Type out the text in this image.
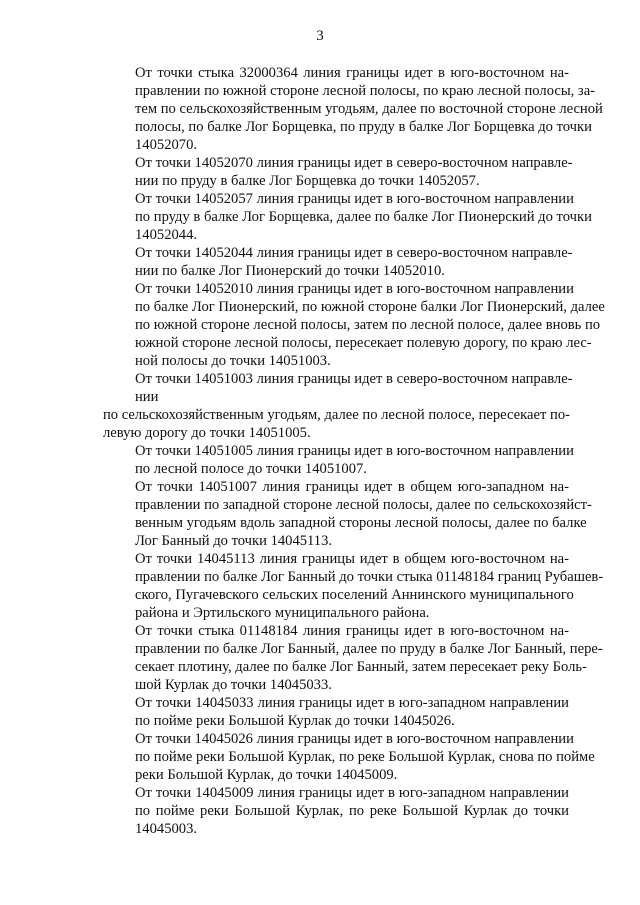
3

От точки стыка 32000364 линия границы идет в юго-восточном на-
правлении по южной стороне лесной полосы, по краю лесной полосы, за-
тем по сельскохозяйственным угодьям, далее по восточной стороне лесной
полосы, по балке Лог Борщевка, по пруду в балке Лог Борщевка до точки
14052070.

От точки 14052070 линия границы идет в северо-восточном направле-
нии по пруду в балке Лог Борщевка до точки 14052057.

От точки 14052057 линия границы идет в юго-восточном направлении
по пруду в балке Лог Борщевка, далее по балке Лог Пионерский до точки
14052044.

От точки 14052044 линия границы идет в северо-восточном направле-
нии по балке Лог Пионерский до точки 14052010.

От точки 14052010 линия границы идет в юго-восточном направлении
по балке Лог Пионерский, по южной стороне балки Лог Пионерский, далее
по южной стороне лесной полосы, затем по лесной полосе, далее вновь по
южной стороне лесной полосы, пересекает полевую дорогу, по краю лес-
ной полосы до точки 14051003.

От точки 14051003 линия границы идет в северо-восточном направле-
нии

по сельскохозяйственным угодьям, далее по лесной полосе, пересекает по-
левую дорогу до точки 14051005.

От точки 14051005 линия границы идет в юго-восточном направлении
по лесной полосе до точки 14051007.

От точки 14051007 линия границы идет в общем юго-западном на-
правлении по западной стороне лесной полосы, далее по сельскохозяйст-
венным угодьям вдоль западной стороны лесной полосы, далее по балке
Лог Банный до точки 14045113.

От точки 14045113 линия границы идет в общем юго-восточном на-
правлении по балке Лог Банный до точки стыка 01148184 границ Рубашев-
ского, Пугачевского сельских поселений Аннинского муниципального
района и Эртильского муниципального района.

От точки стыка 01148184 линия границы идет в юго-восточном на-
правлении по балке Лог Банный, далее по пруду в балке Лог Банный, пере-
секает плотину, далее по балке Лог Банный, затем пересекает реку Боль-
шой Курлак до точки 14045033.

От точки 14045033 линия границы идет в юго-западном направлении
по пойме реки Большой Курлак до точки 14045026.

От точки 14045026 линия границы идет в юго-восточном направлении
по пойме реки Большой Курлак, по реке Большой Курлак, снова по пойме
реки Большой Курлак, до точки 14045009.

От точки 14045009 линия границы идет в юго-западном направлении
по пойме реки Большой Курлак, по реке Большой Курлак до точки
14045003.
